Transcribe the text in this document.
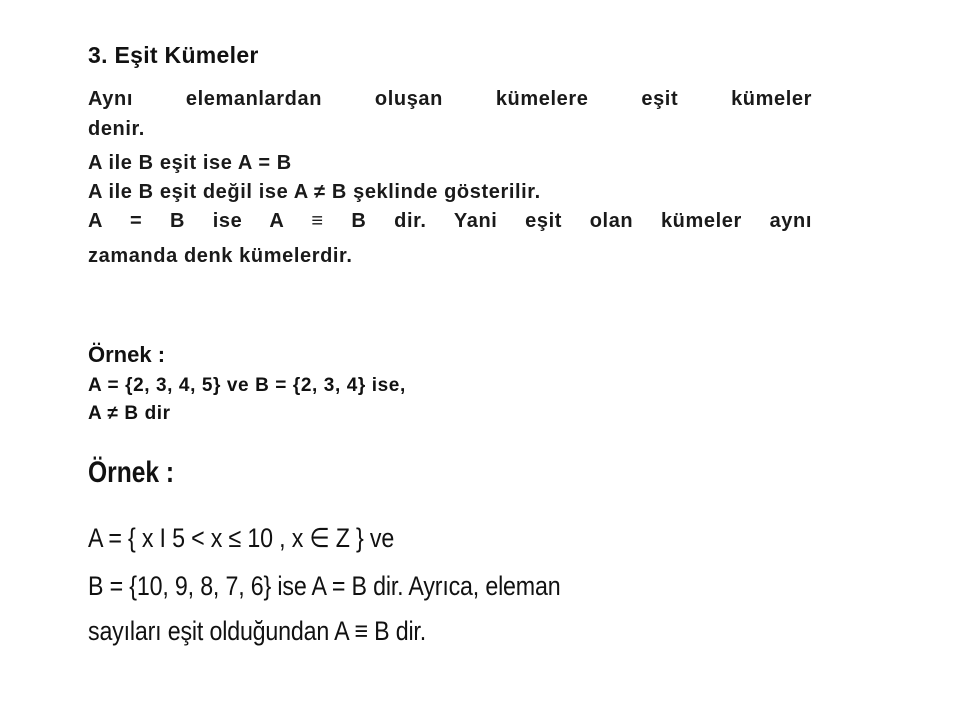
3. Eşit Kümeler

Aynı elemanlardan oluşan kümelere eşit kümeler

denir.

A ile B eşit ise A = B

A ile B eşit değil ise A ≠ B şeklinde gösterilir.

A = B ise A ≡ B dir. Yani eşit olan kümeler aynı

zamanda denk kümelerdir.

Örnek :

A = {2, 3, 4, 5} ve B = {2, 3, 4} ise,

A ≠ B dir

Örnek :

A = { x І 5 < x ≤ 10 , x ∈ Z } ve

B = {10, 9, 8, 7, 6} ise A = B dir. Ayrıca, eleman

sayıları eşit olduğundan A ≡ B dir.
